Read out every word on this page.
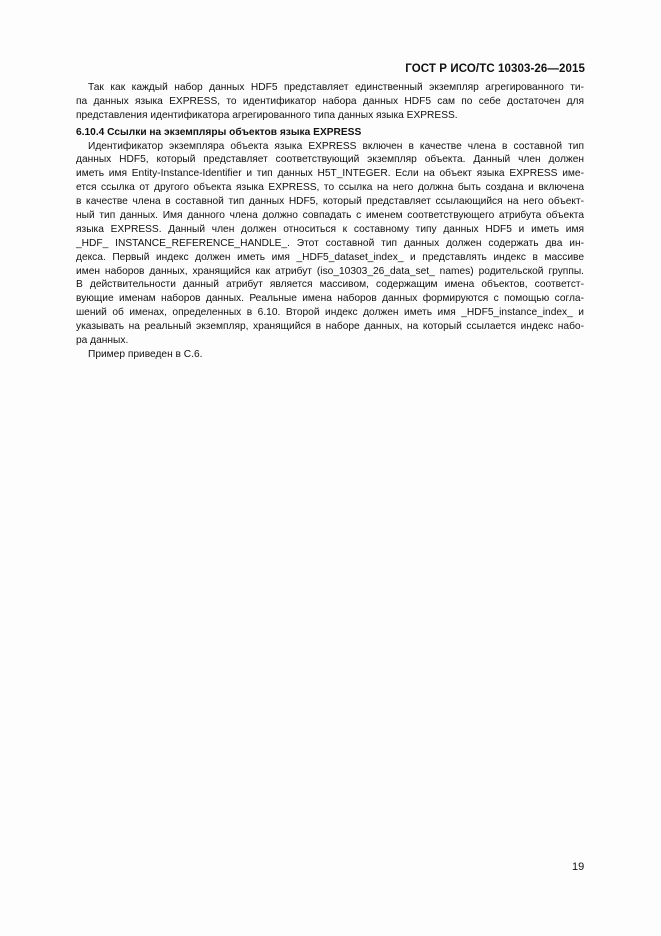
ГОСТ Р ИСО/ТС 10303-26—2015
Так как каждый набор данных HDF5 представляет единственный экземпляр агрегированного ти-
па данных языка EXPRESS, то идентификатор набора данных HDF5 сам по себе достаточен для
представления идентификатора агрегированного типа данных языка EXPRESS.
6.10.4 Ссылки на экземпляры объектов языка EXPRESS
Идентификатор экземпляра объекта языка EXPRESS включен в качестве члена в составной тип
данных HDF5, который представляет соответствующий экземпляр объекта. Данный член должен
иметь имя Entity-Instance-Identifier и тип данных H5T_INTEGER. Если на объект языка EXPRESS име-
ется ссылка от другого объекта языка EXPRESS, то ссылка на него должна быть создана и включена
в качестве члена в составной тип данных HDF5, который представляет ссылающийся на него объект-
ный тип данных. Имя данного члена должно совпадать с именем соответствующего атрибута объекта
языка EXPRESS. Данный член должен относиться к составному типу данных HDF5 и иметь имя
_HDF_ INSTANCE_REFERENCE_HANDLE_. Этот составной тип данных должен содержать два ин-
декса. Первый индекс должен иметь имя _HDF5_dataset_index_ и представлять индекс в массиве
имен наборов данных, хранящийся как атрибут (iso_10303_26_data_set_ names) родительской группы.
В действительности данный атрибут является массивом, содержащим имена объектов, соответст-
вующие именам наборов данных. Реальные имена наборов данных формируются с помощью согла-
шений об именах, определенных в 6.10. Второй индекс должен иметь имя _HDF5_instance_index_ и
указывать на реальный экземпляр, хранящийся в наборе данных, на который ссылается индекс набо-
ра данных.
Пример приведен в С.6.
19
